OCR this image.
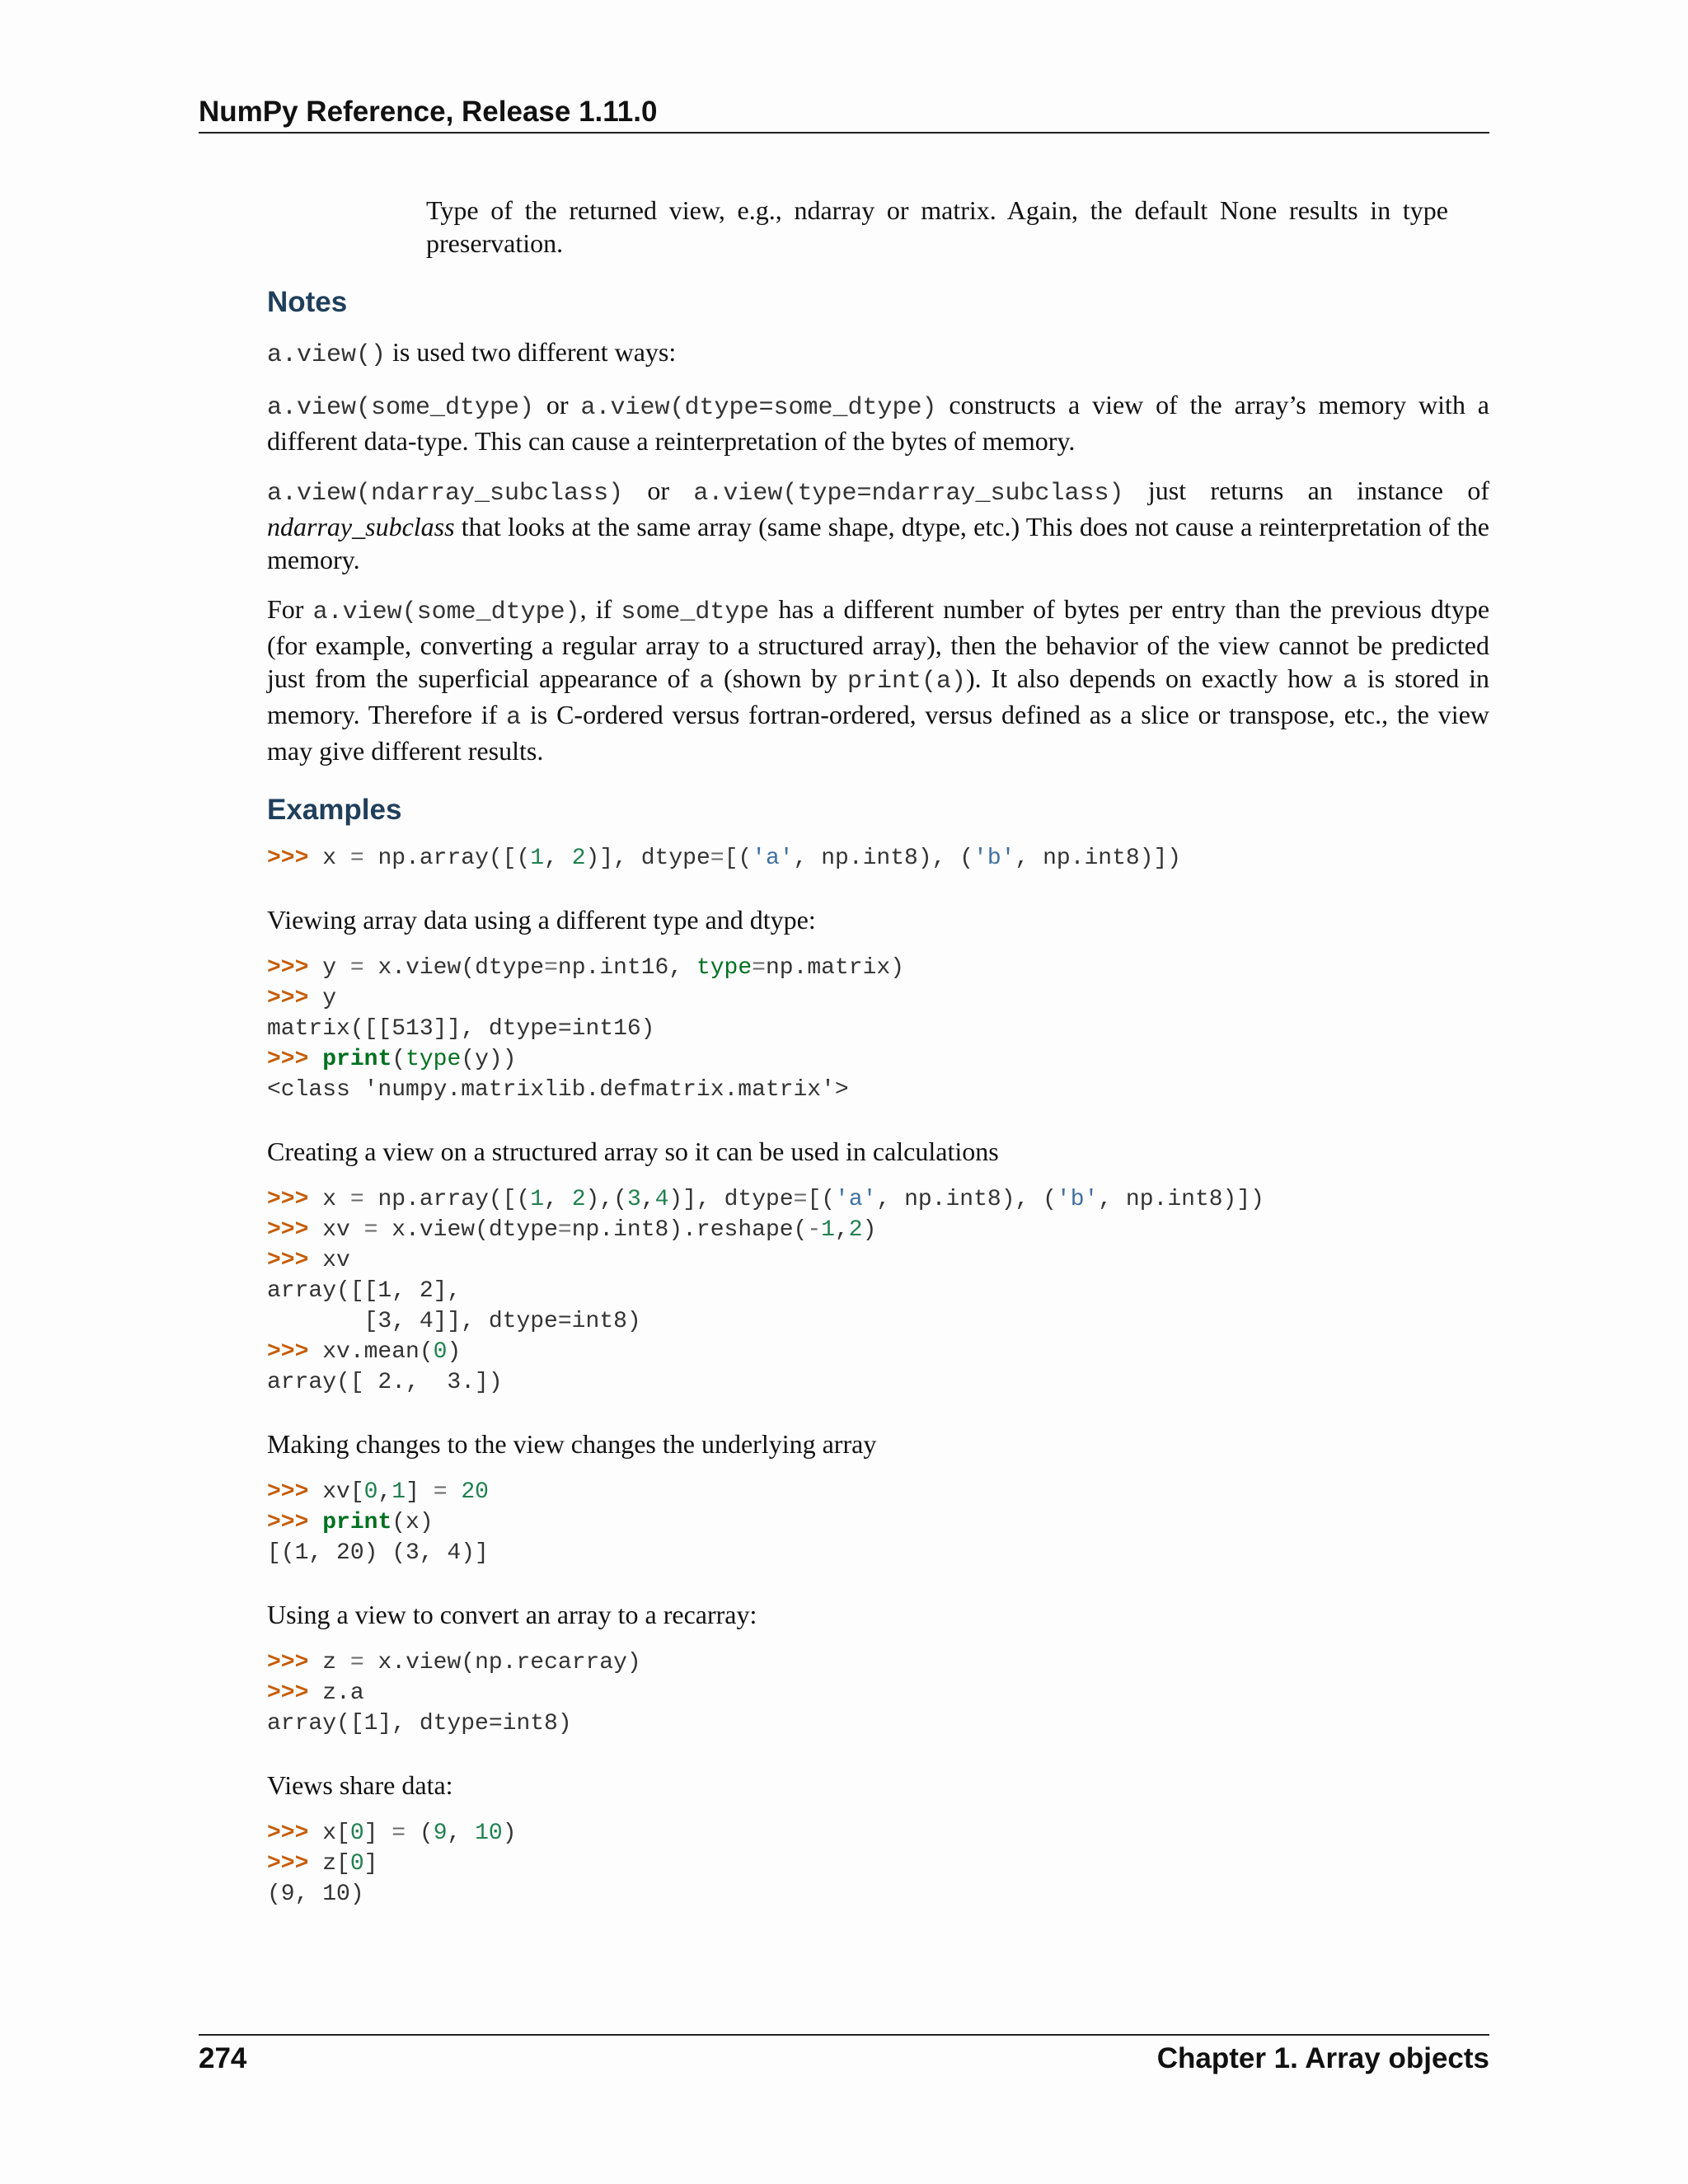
NumPy Reference, Release 1.11.0

Type of the returned view, e.g., ndarray or matrix. Again, the default None results in type preservation.

Notes

a.view() is used two different ways:

a.view(some_dtype) or a.view(dtype=some_dtype) constructs a view of the array’s memory with a different data-type. This can cause a reinterpretation of the bytes of memory.

a.view(ndarray_subclass) or a.view(type=ndarray_subclass) just returns an instance of ndarray_subclass that looks at the same array (same shape, dtype, etc.) This does not cause a reinterpretation of the memory.

For a.view(some_dtype), if some_dtype has a different number of bytes per entry than the previous dtype (for example, converting a regular array to a structured array), then the behavior of the view cannot be predicted just from the superficial appearance of a (shown by print(a)). It also depends on exactly how a is stored in memory. Therefore if a is C-ordered versus fortran-ordered, versus defined as a slice or transpose, etc., the view may give different results.

Examples
>>> x = np.array([(1, 2)], dtype=[('a', np.int8), ('b', np.int8)])

Viewing array data using a different type and dtype:

>>> y = x.view(dtype=np.int16, type=np.matrix)
>>> y
matrix([[513]], dtype=int16)
>>> print(type(y))
<class 'numpy.matrixlib.defmatrix.matrix'>

Creating a view on a structured array so it can be used in calculations

>>> x = np.array([(1, 2),(3,4)], dtype=[('a', np.int8), ('b', np.int8)])
>>> xv = x.view(dtype=np.int8).reshape(-1,2)
>>> xv
array([[1, 2],
[3, 4]], dtype=int8)
>>> xv.mean(0)
array([ 2.,  3.])

Making changes to the view changes the underlying array

>>> xv[0,1] = 20
>>> print(x)
[(1, 20) (3, 4)]

Using a view to convert an array to a recarray:

>>> z = x.view(np.recarray)
>>> z.a
array([1], dtype=int8)

Views share data:

>>> x[0] = (9, 10)
>>> z[0]
(9, 10)
274	Chapter 1. Array objects
